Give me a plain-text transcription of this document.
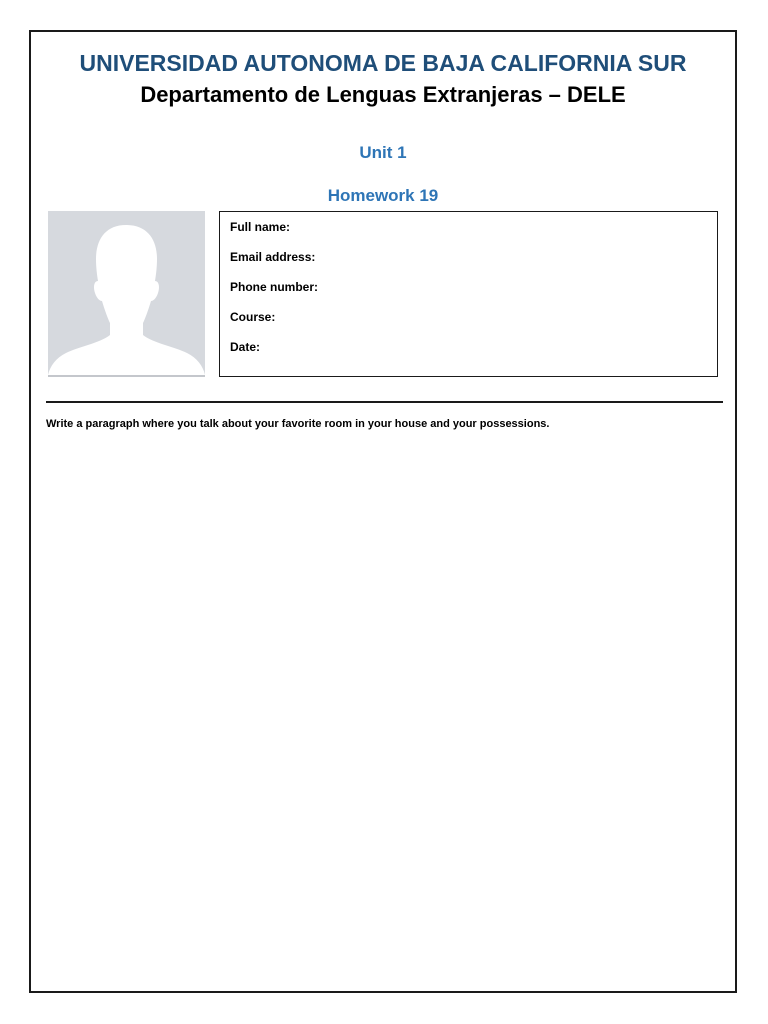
UNIVERSIDAD AUTONOMA DE BAJA CALIFORNIA SUR
Departamento de Lenguas Extranjeras – DELE
Unit 1
Homework 19
Full name:
Email address:
Phone number:
Course:
Date:
Write a paragraph where you talk about your favorite room in your house and your possessions.
